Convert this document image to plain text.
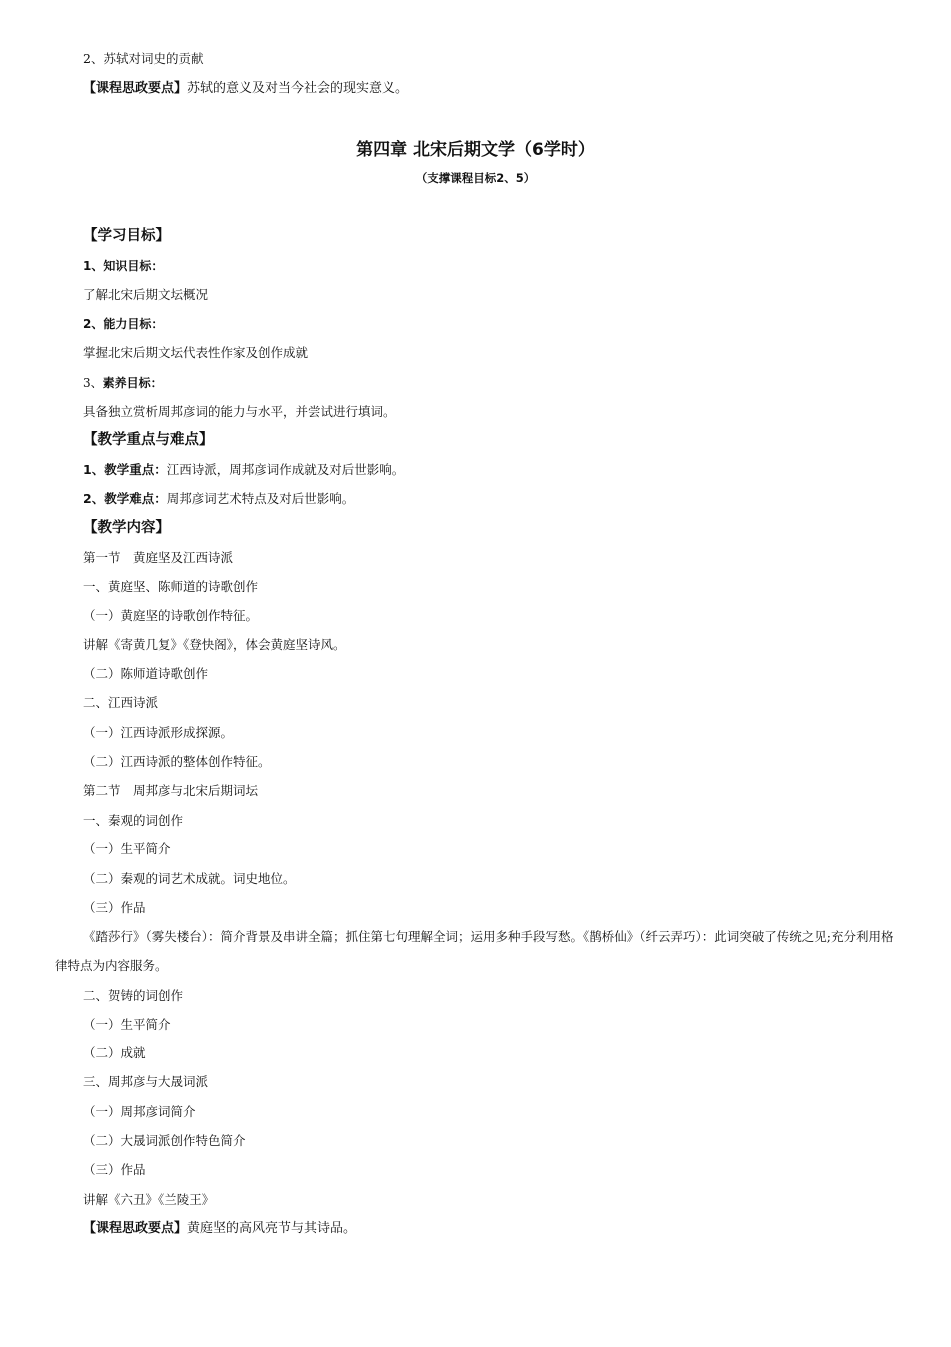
2、苏轼对词史的贡献
【课程思政要点】苏轼的意义及对当今社会的现实意义。
第四章 北宋后期文学（6学时）
（支撑课程目标2、5）
【学习目标】
1、知识目标：
了解北宋后期文坛概况
2、能力目标：
掌握北宋后期文坛代表性作家及创作成就
3、素养目标：
具备独立赏析周邦彦词的能力与水平，并尝试进行填词。
【教学重点与难点】
1、教学重点：江西诗派，周邦彦词作成就及对后世影响。
2、教学难点：周邦彦词艺术特点及对后世影响。
【教学内容】
第一节　黄庭坚及江西诗派
一、黄庭坚、陈师道的诗歌创作
（一）黄庭坚的诗歌创作特征。
讲解《寄黄几复》《登快阁》，体会黄庭坚诗风。
（二）陈师道诗歌创作
二、江西诗派
（一）江西诗派形成探源。
（二）江西诗派的整体创作特征。
第二节　周邦彦与北宋后期词坛
一、秦观的词创作
（一）生平简介
（二）秦观的词艺术成就。词史地位。
（三）作品
《踏莎行》（雾失楼台）：简介背景及串讲全篇；抓住第七句理解全词；运用多种手段写愁。《鹊桥仙》（纤云弄巧）：此词突破了传统之见;充分利用格律特点为内容服务。
二、贺铸的词创作
（一）生平简介
（二）成就
三、周邦彦与大晟词派
（一）周邦彦词简介
（二）大晟词派创作特色简介
（三）作品
讲解《六丑》《兰陵王》
【课程思政要点】黄庭坚的高风亮节与其诗品。
